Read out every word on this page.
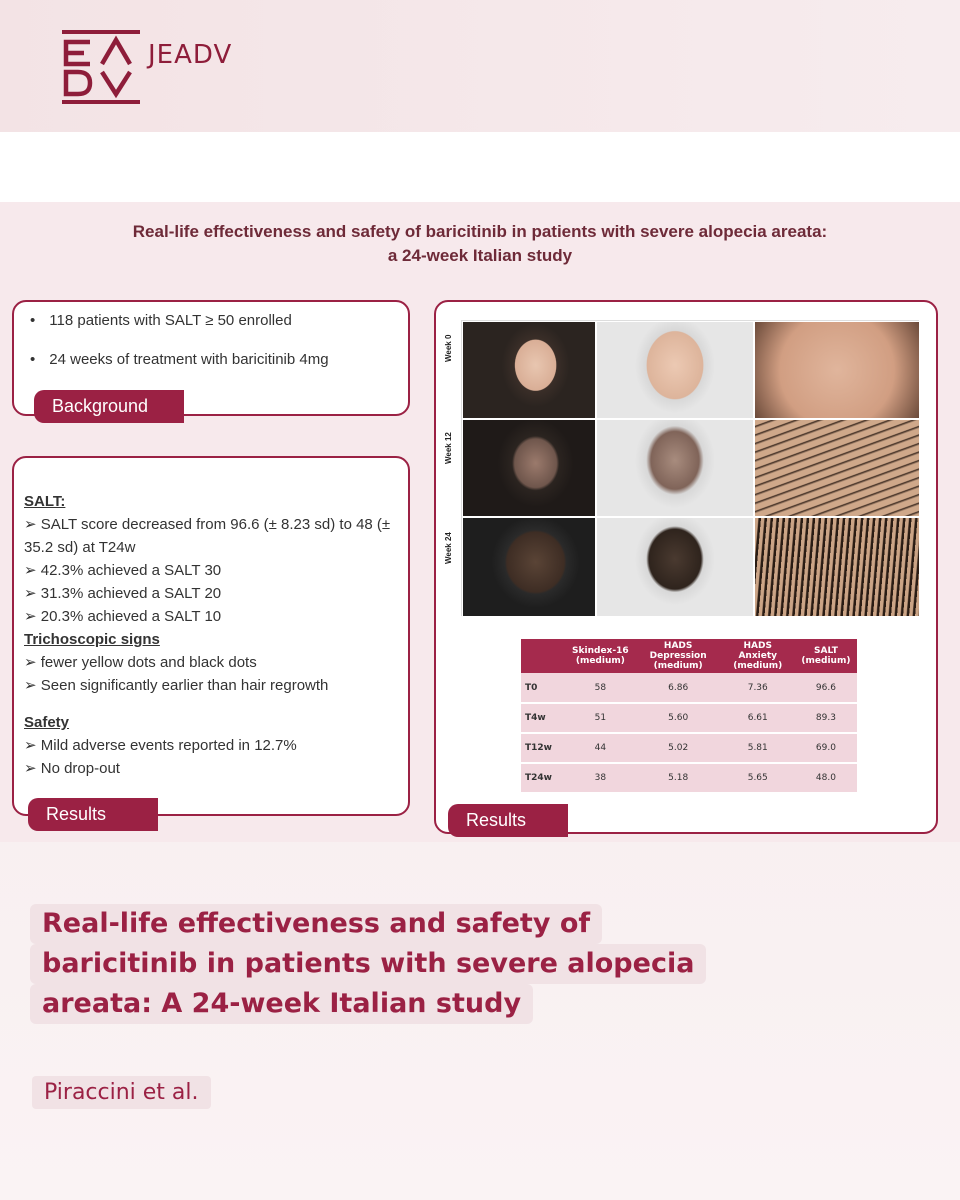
JEADV
Real-life effectiveness and safety of baricitinib in patients with severe alopecia areata:
a 24-week Italian study
• 118 patients with SALT ≥ 50 enrolled
• 24 weeks of treatment with baricitinib 4mg
Background
SALT:
➢ SALT score decreased from 96.6 (± 8.23 sd) to 48 (± 35.2 sd) at T24w
➢ 42.3% achieved a SALT 30
➢ 31.3% achieved a SALT 20
➢ 20.3% achieved a SALT 10
Trichoscopic signs
➢ fewer yellow dots and black dots
➢ Seen significantly earlier than hair regrowth
Safety
➢ Mild adverse events reported in 12.7%
➢ No drop-out
Results
Week 0
Week 12
Week 24
	Skindex-16 (medium)	HADS Depression (medium)	HADS Anxiety (medium)	SALT (medium)
T0	58	6.86	7.36	96.6
T4w	51	5.60	6.61	89.3
T12w	44	5.02	5.81	69.0
T24w	38	5.18	5.65	48.0
Results
Real-life effectiveness and safety of
baricitinib in patients with severe alopecia
areata: A 24-week Italian study
Piraccini et al.
